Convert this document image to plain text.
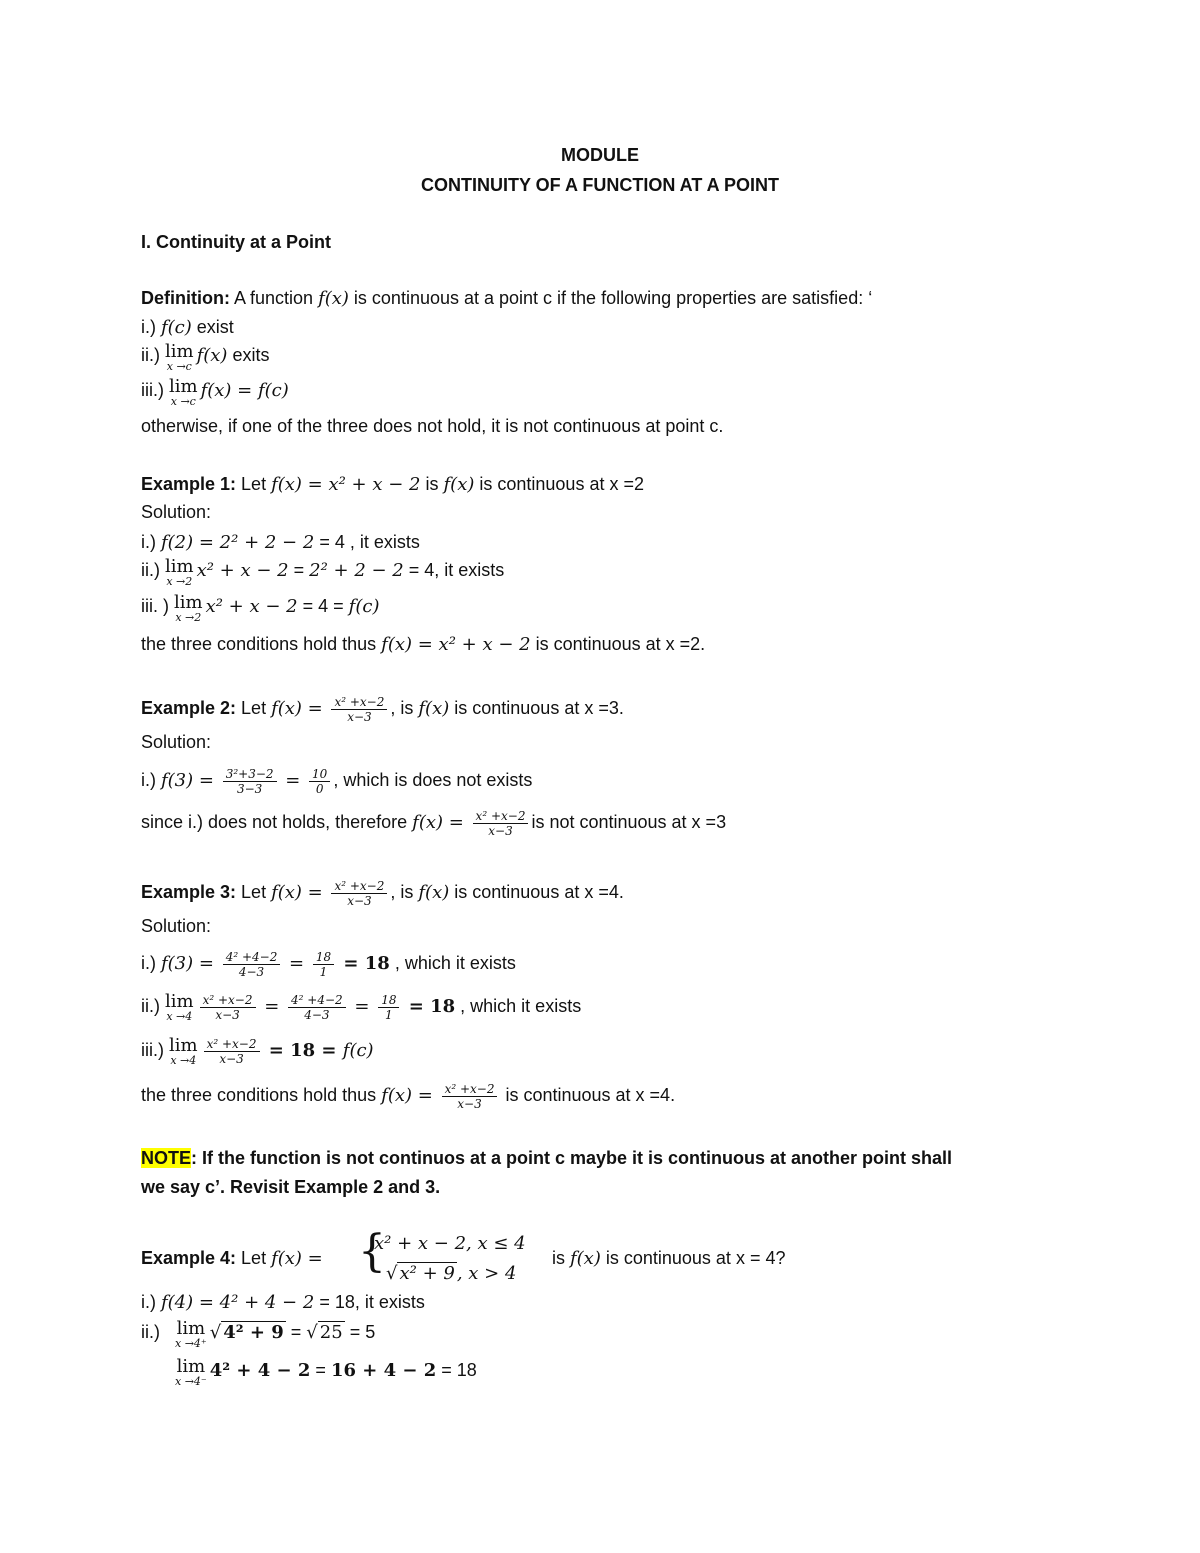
MODULE
CONTINUITY OF A FUNCTION AT A POINT
I. Continuity at a Point
Definition: A function f(x) is continuous at a point c if the following properties are satisfied: ‘
i.) f(c) exist
ii.) lim
x →c
f(x) exits
iii.) lim
x →c
f(x) = f(c)
otherwise, if one of the three does not hold, it is not continuous at point c.
Example 1: Let f(x) = x² + x − 2 is f(x) is continuous at x =2
Solution:
i.) f(2) = 2² + 2 − 2 = 4 , it exists
ii.) lim
x →2
x² + x − 2 = 2² + 2 − 2 = 4, it exists
iii. ) lim
x →2
x² + x − 2 = 4 = f(c)
the three conditions hold thus f(x) = x² + x − 2 is continuous at x =2.
Example 2: Let $f(x) = \frac{\text{x² +x−2}}{x-3}$ , is f(x) is continuous at x =3.
Solution:
i.) $f(3) = \frac{\text{3²+3−2}}{3-3} = \frac{10}{0}$ , which is does not exists
since i.) does not holds, therefore $f(x) = \frac{\text{x² +x−2}}{x-3}$ is not continuous at x =3
Example 3: Let $f(x) = \frac{\text{x² +x−2}}{x-3}$ , is f(x) is continuous at x =4.
Solution:
i.) $f(3) = \frac{\text{4² +4−2}}{4-3} = \frac{18}{1} = 18$ , which it exists
ii.) lim
$x \to 4 \frac{\text{x² +x−2}}{x-3} = \frac{\text{4² +4−2}}{4-3} = \frac{18}{1} = 18$ , which it exists
iii.) lim
$x \to 4 \frac{\text{x² +x−2}}{x-3} = 18 = f(c)$
the three conditions hold thus $f(x) = \frac{\text{x² +x−2}}{x-3}$ is continuous at x =4.
NOTE: If the function is not continuos at a point c maybe it is continuous at another point shall
we say c’. Revisit Example 2 and 3.
Example 4: Let f(x) = {
x² + x − 2, x ≤ 4
√ x² + 9 , x > 4
is f(x) is continuous at x = 4?
i.) f(4) = 4² + 4 − 2 = 18, it exists
ii.) lim
x →4⁺
√ 4² + 9 = √ 25 = 5
lim
x →4⁻
4² + 4 − 2 = 16 + 4 − 2 = 18
